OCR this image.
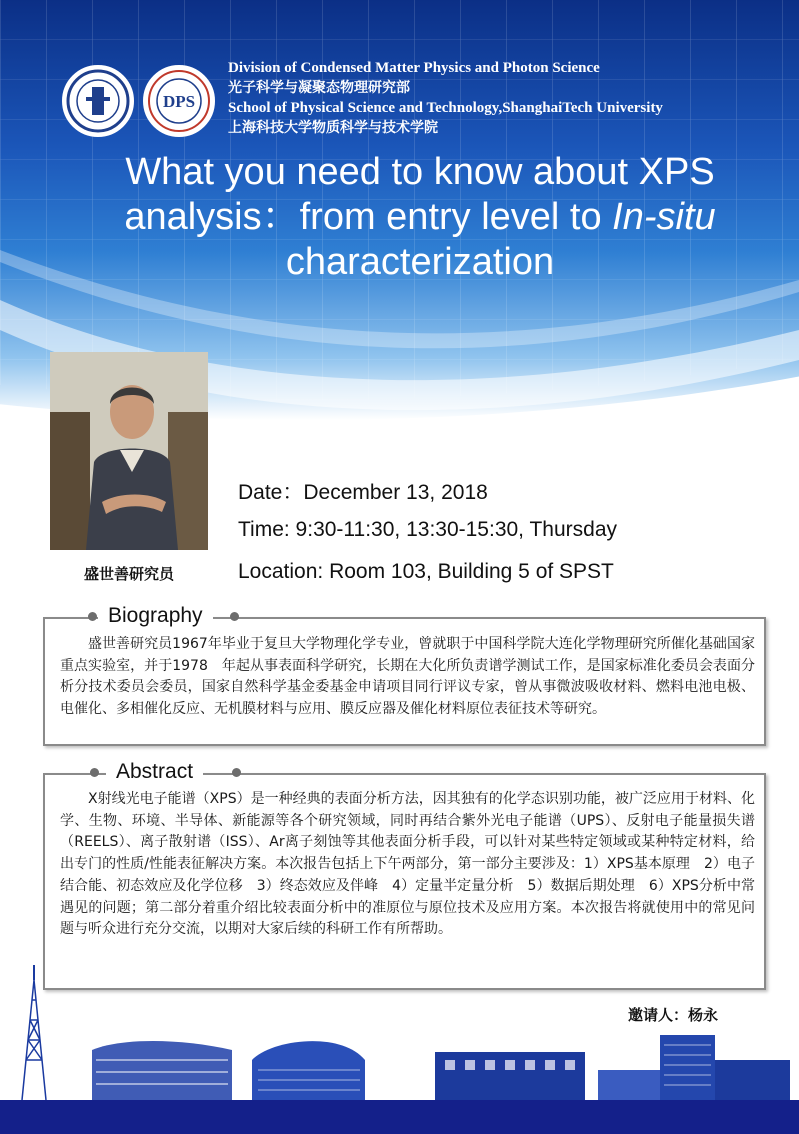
DPS
Division of Condensed Matter Physics and Photon Science
光子科学与凝聚态物理研究部
School of Physical Science and Technology,ShanghaiTech University
上海科技大学物质科学与技术学院
What you need to know about XPS
analysis：from entry level to In-situ
characterization
盛世善研究员
Date：December 13, 2018
Time: 9:30-11:30, 13:30-15:30, Thursday
Location: Room 103, Building 5 of SPST
Biography
盛世善研究员1967年毕业于复旦大学物理化学专业，曾就职于中国科学院大连化学物理研究所催化基础国家重点实验室，并于1978　年起从事表面科学研究，长期在大化所负责谱学测试工作，是国家标准化委员会表面分析分技术委员会委员，国家自然科学基金委基金申请项目同行评议专家，曾从事微波吸收材料、燃料电池电极、电催化、多相催化反应、无机膜材料与应用、膜反应器及催化材料原位表征技术等研究。
Abstract
X射线光电子能谱（XPS）是一种经典的表面分析方法，因其独有的化学态识别功能，被广泛应用于材料、化学、生物、环境、半导体、新能源等各个研究领域，同时再结合紫外光电子能谱（UPS）、反射电子能量损失谱（REELS）、离子散射谱（ISS）、Ar离子刻蚀等其他表面分析手段，可以针对某些特定领域或某种特定材料，给出专门的性质/性能表征解决方案。本次报告包括上下午两部分，第一部分主要涉及：1）XPS基本原理　2）电子结合能、初态效应及化学位移　3）终态效应及伴峰　4）定量半定量分析　5）数据后期处理　6）XPS分析中常遇见的问题；第二部分着重介绍比较表面分析中的准原位与原位技术及应用方案。本次报告将就使用中的常见问题与听众进行充分交流，以期对大家后续的科研工作有所帮助。
邀请人：杨永
